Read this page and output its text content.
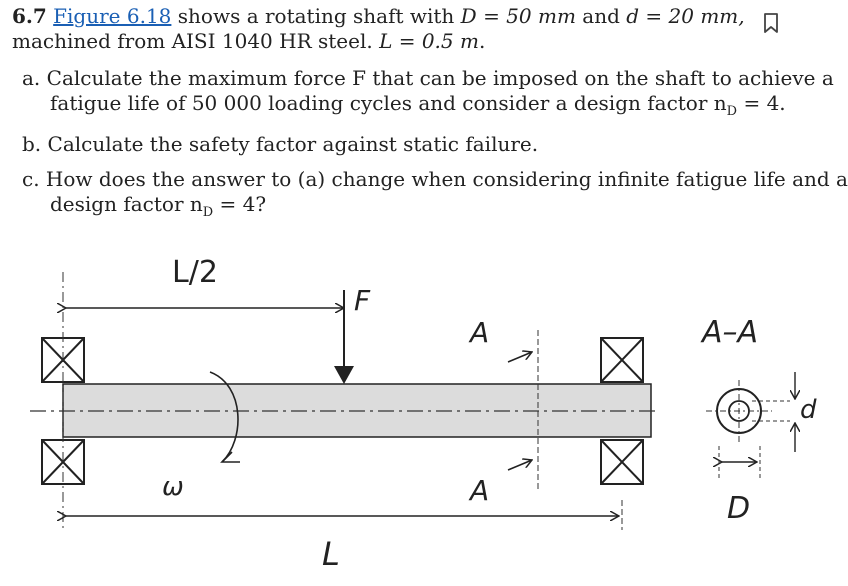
6.7 Figure 6.18 shows a rotating shaft with D = 50 mm and d = 20 mm,
machined from AISI 1040 HR steel. L = 0.5 m.
a. Calculate the maximum force F that can be imposed on the shaft to achieve a
fatigue life of 50 000 loading cycles and consider a design factor $n_D = 4$.
b. Calculate the safety factor against static failure.
c. How does the answer to (a) change when considering infinite fatigue life and a
design factor $n_D = 4$?
L/2
F
A
A
ω
L
A–A
D
d
